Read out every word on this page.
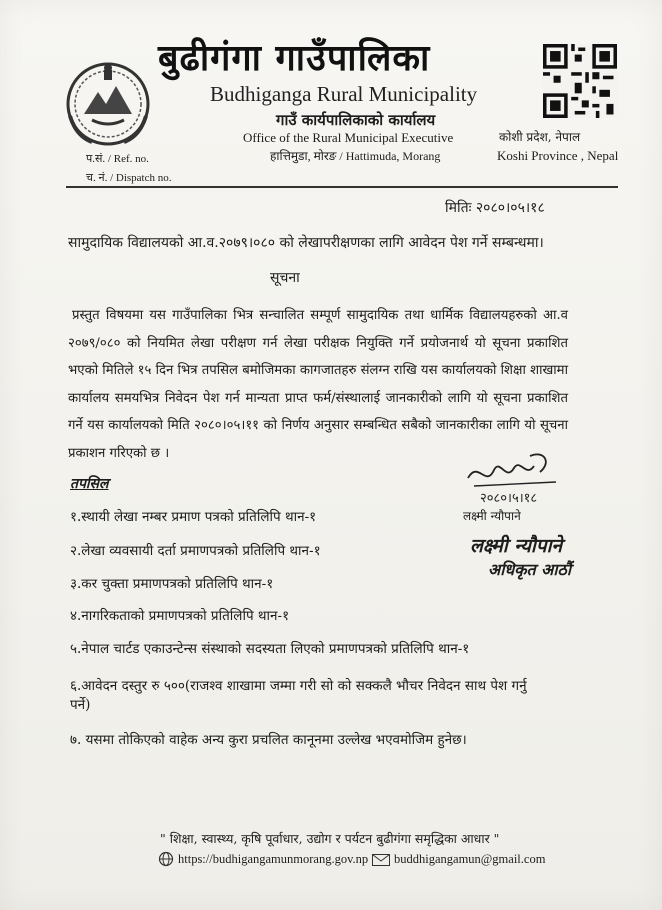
बुढीगंगा गाउँपालिका
Budhiganga Rural Municipality
गाउँ कार्यपालिकाको कार्यालय
Office of the Rural Municipal Executive
हात्तिमुडा, मोरङ / Hattimuda, Morang
कोशी प्रदेश, नेपाल
Koshi Province , Nepal
प.सं. / Ref. no.
च. नं. / Dispatch no.
मितिः २०८०।०५।१८
सामुदायिक विद्यालयको आ.व.२०७९।०८० को लेखापरीक्षणका लागि आवेदन पेश गर्ने सम्बन्धमा।
सूचना

प्रस्तुत विषयमा यस गाउँपालिका भित्र सन्चालित सम्पूर्ण सामुदायिक तथा धार्मिक विद्यालयहरुको आ.व २०७९/०८० को नियमित लेखा परीक्षण गर्न लेखा परीक्षक नियुक्ति गर्ने प्रयोजनार्थ यो सूचना प्रकाशित भएको मितिले १५ दिन भित्र तपसिल बमोजिमका कागजातहरु संलग्न राखि यस कार्यालयको शिक्षा शाखामा कार्यालय समयभित्र निवेदन पेश गर्न मान्यता प्राप्त फर्म/संस्थालाई जानकारीको लागि यो सूचना प्रकाशित गर्ने यस कार्यालयको मिति २०८०।०५।११ को निर्णय अनुसार सम्बन्धित सबैको जानकारीका लागि यो सूचना प्रकाशन गरिएको छ ।

तपसिल
१.स्थायी लेखा नम्बर प्रमाण पत्रको प्रतिलिपि थान-१
२.लेखा व्यवसायी दर्ता प्रमाणपत्रको प्रतिलिपि थान-१
३.कर चुक्ता प्रमाणपत्रको प्रतिलिपि थान-१
४.नागरिकताको प्रमाणपत्रको प्रतिलिपि थान-१
५.नेपाल चार्टड एकाउन्टेन्स संस्थाको सदस्यता लिएको प्रमाणपत्रको प्रतिलिपि थान-१
६.आवेदन दस्तुर रु ५००(राजश्व शाखामा जम्मा गरी सो को सक्कलै भौचर निवेदन साथ पेश गर्नु पर्ने)
७. यसमा तोकिएको वाहेक अन्य कुरा प्रचलित कानूनमा उल्लेख भएवमोजिम हुनेछ।
२०८०।५।१८
लक्ष्मी न्यौपाने
लक्ष्मी न्यौपाने
अधिकृत आठौं
" शिक्षा, स्वास्थ्य, कृषि पूर्वाधार, उद्योग र पर्यटन बुढीगंगा समृद्धिका आधार "
https://budhigangamunmorang.gov.np buddhigangamun@gmail.com
